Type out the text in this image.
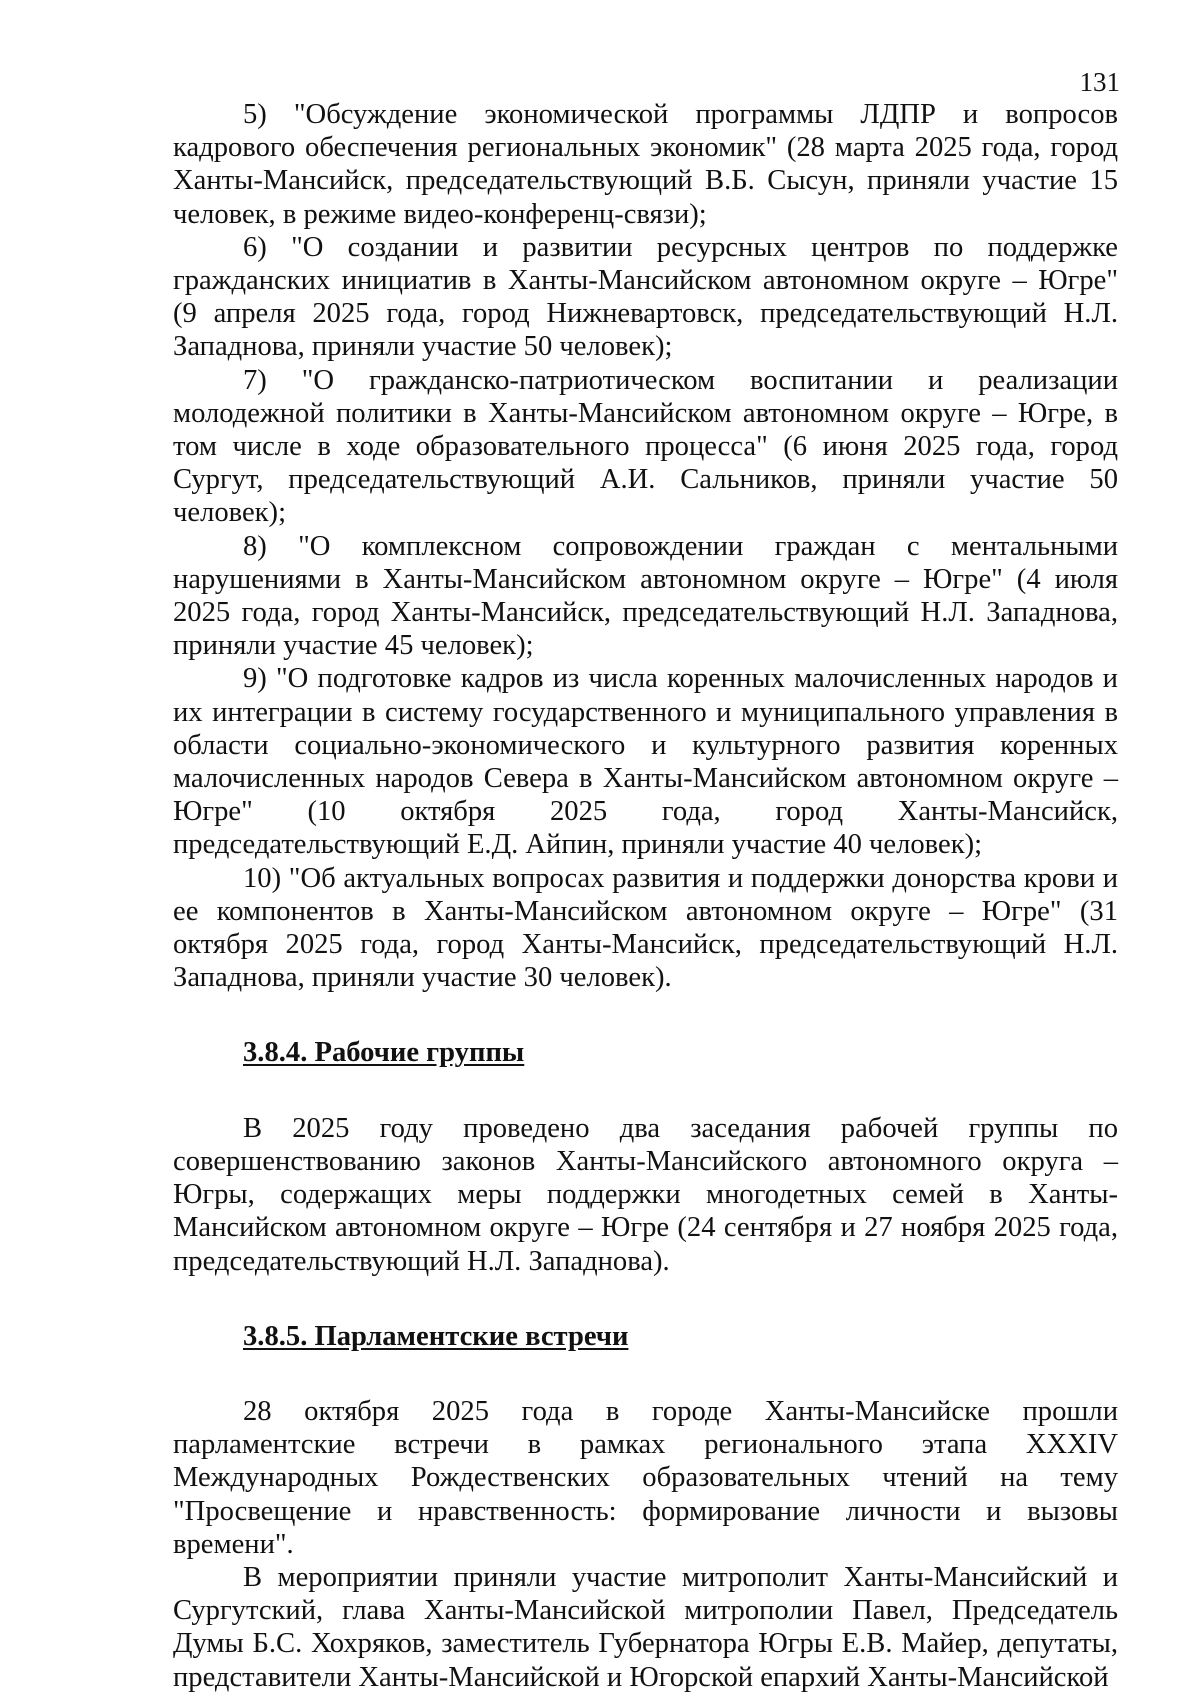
131

5) "Обсуждение экономической программы ЛДПР и вопросов кадрового обеспечения региональных экономик" (28 марта 2025 года, город Ханты-Мансийск, председательствующий В.Б. Сысун, приняли участие 15 человек, в режиме видео-конференц-связи);

6) "О создании и развитии ресурсных центров по поддержке гражданских инициатив в Ханты-Мансийском автономном округе – Югре" (9 апреля 2025 года, город Нижневартовск, председательствующий Н.Л. Западнова, приняли участие 50 человек);

7) "О гражданско-патриотическом воспитании и реализации молодежной политики в Ханты-Мансийском автономном округе – Югре, в том числе в ходе образовательного процесса" (6 июня 2025 года, город Сургут, председательствующий А.И. Сальников, приняли участие 50 человек);

8) "О комплексном сопровождении граждан с ментальными нарушениями в Ханты-Мансийском автономном округе – Югре" (4 июля 2025 года, город Ханты-Мансийск, председательствующий Н.Л. Западнова, приняли участие 45 человек);

9) "О подготовке кадров из числа коренных малочисленных народов и их интеграции в систему государственного и муниципального управления в области социально-экономического и культурного развития коренных малочисленных народов Севера в Ханты-Мансийском автономном округе – Югре" (10 октября 2025 года, город Ханты-Мансийск, председательствующий Е.Д. Айпин, приняли участие 40 человек);

10) "Об актуальных вопросах развития и поддержки донорства крови и ее компонентов в Ханты-Мансийском автономном округе – Югре" (31 октября 2025 года, город Ханты-Мансийск, председательствующий Н.Л. Западнова, приняли участие 30 человек).

3.8.4. Рабочие группы

В 2025 году проведено два заседания рабочей группы по совершенствованию законов Ханты-Мансийского автономного округа – Югры, содержащих меры поддержки многодетных семей в Ханты-Мансийском автономном округе – Югре (24 сентября и 27 ноября 2025 года, председательствующий Н.Л. Западнова).

3.8.5. Парламентские встречи

28 октября 2025 года в городе Ханты-Мансийске прошли парламентские встречи в рамках регионального этапа XXXIV Международных Рождественских образовательных чтений на тему "Просвещение и нравственность: формирование личности и вызовы времени".

В мероприятии приняли участие митрополит Ханты-Мансийский и Сургутский, глава Ханты-Мансийской митрополии Павел, Председатель Думы Б.С. Хохряков, заместитель Губернатора Югры Е.В. Майер, депутаты, представители Ханты-Мансийской и Югорской епархий Ханты-Мансийской
